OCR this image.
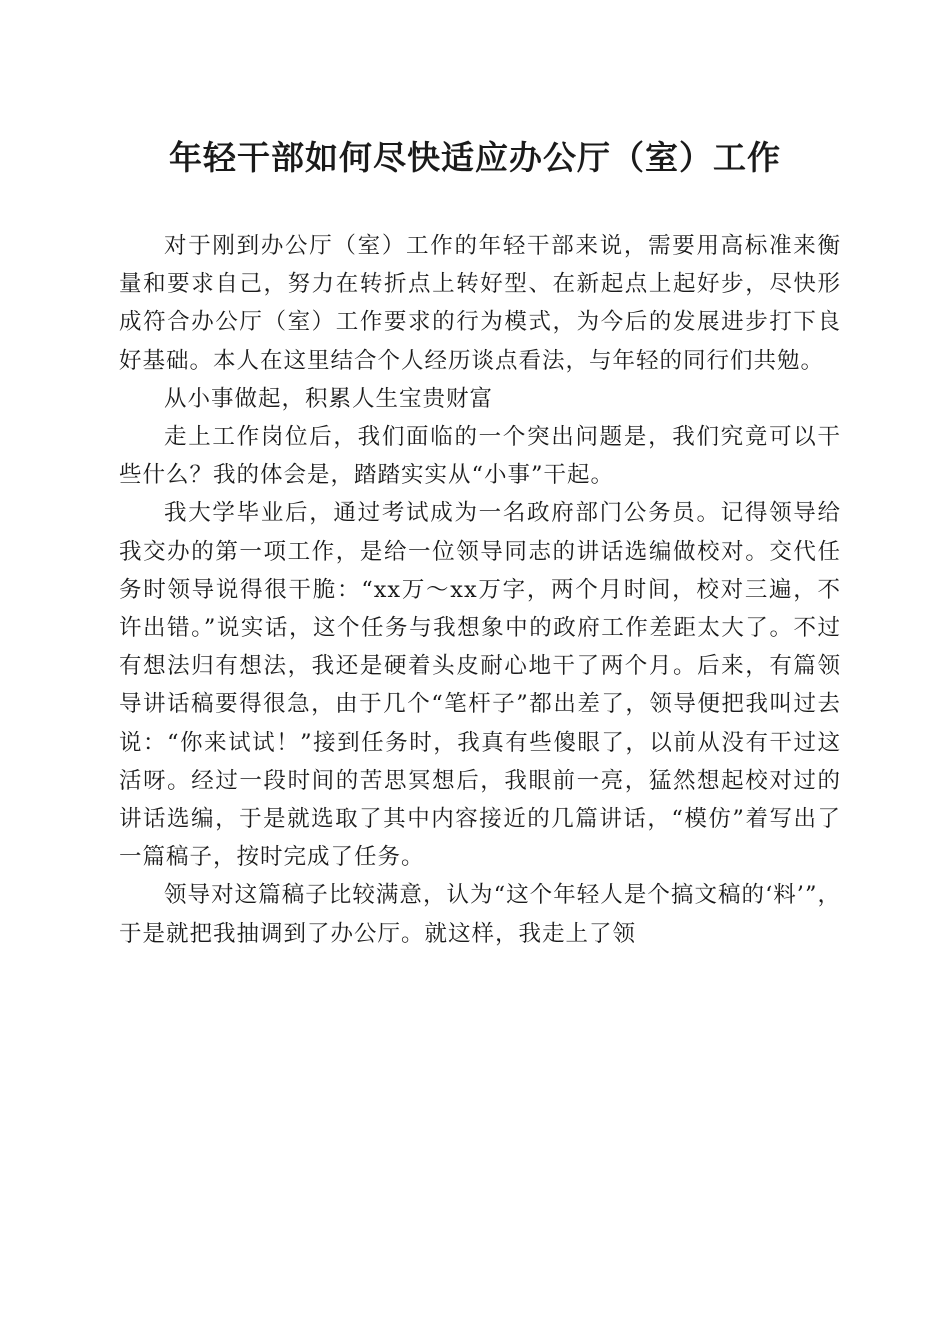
年轻干部如何尽快适应办公厅（室）工作

对于刚到办公厅（室）工作的年轻干部来说，需要用高标准来衡量和要求自己，努力在转折点上转好型、在新起点上起好步，尽快形成符合办公厅（室）工作要求的行为模式，为今后的发展进步打下良好基础。本人在这里结合个人经历谈点看法，与年轻的同行们共勉。

从小事做起，积累人生宝贵财富

走上工作岗位后，我们面临的一个突出问题是，我们究竟可以干些什么？我的体会是，踏踏实实从“小事”干起。

我大学毕业后，通过考试成为一名政府部门公务员。记得领导给我交办的第一项工作，是给一位领导同志的讲话选编做校对。交代任务时领导说得很干脆：“xx万～xx万字，两个月时间，校对三遍，不许出错。”说实话，这个任务与我想象中的政府工作差距太大了。不过有想法归有想法，我还是硬着头皮耐心地干了两个月。后来，有篇领导讲话稿要得很急，由于几个“笔杆子”都出差了，领导便把我叫过去说：“你来试试！”接到任务时，我真有些傻眼了，以前从没有干过这活呀。经过一段时间的苦思冥想后，我眼前一亮，猛然想起校对过的讲话选编，于是就选取了其中内容接近的几篇讲话，“模仿”着写出了一篇稿子，按时完成了任务。

领导对这篇稿子比较满意，认为“这个年轻人是个搞文稿的‘料’”，于是就把我抽调到了办公厅。就这样，我走上了领
